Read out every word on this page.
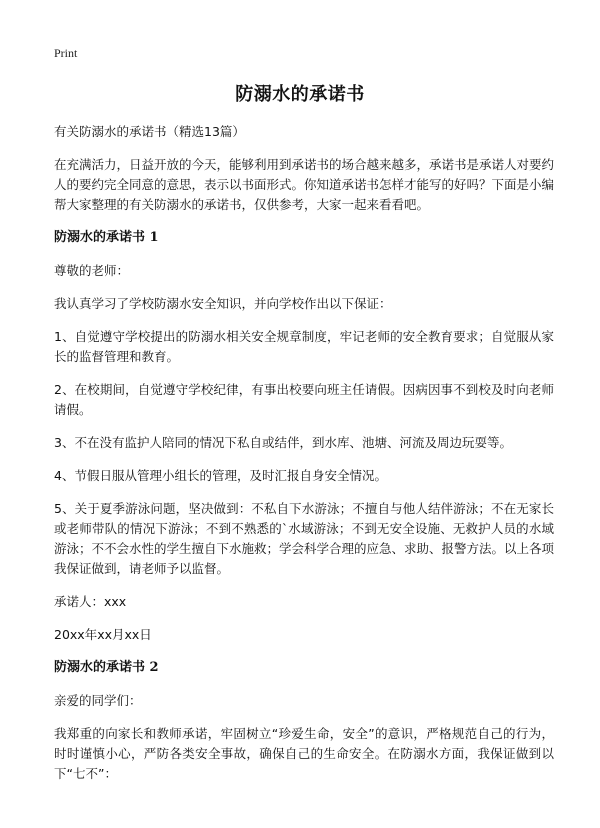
Print
防溺水的承诺书

有关防溺水的承诺书（精选13篇）

在充满活力，日益开放的今天，能够利用到承诺书的场合越来越多，承诺书是承诺人对要约人的要约完全同意的意思，表示以书面形式。你知道承诺书怎样才能写的好吗？下面是小编帮大家整理的有关防溺水的承诺书，仅供参考，大家一起来看看吧。

防溺水的承诺书 1

尊敬的老师：

我认真学习了学校防溺水安全知识，并向学校作出以下保证：

1、自觉遵守学校提出的防溺水相关安全规章制度，牢记老师的安全教育要求；自觉服从家长的监督管理和教育。

2、在校期间，自觉遵守学校纪律，有事出校要向班主任请假。因病因事不到校及时向老师请假。

3、不在没有监护人陪同的情况下私自或结伴，到水库、池塘、河流及周边玩耍等。

4、节假日服从管理小组长的管理，及时汇报自身安全情况。

5、关于夏季游泳问题，坚决做到：不私自下水游泳；不擅自与他人结伴游泳；不在无家长或老师带队的情况下游泳；不到不熟悉的`水域游泳；不到无安全设施、无救护人员的水域游泳；不不会水性的学生擅自下水施救；学会科学合理的应急、求助、报警方法。以上各项我保证做到，请老师予以监督。

承诺人：xxx

20xx年xx月xx日

防溺水的承诺书 2

亲爱的同学们：

我郑重的向家长和教师承诺，牢固树立“珍爱生命，安全”的意识，严格规范自己的行为，时时谨慎小心，严防各类安全事故，确保自己的生命安全。在防溺水方面，我保证做到以下“七不”：
